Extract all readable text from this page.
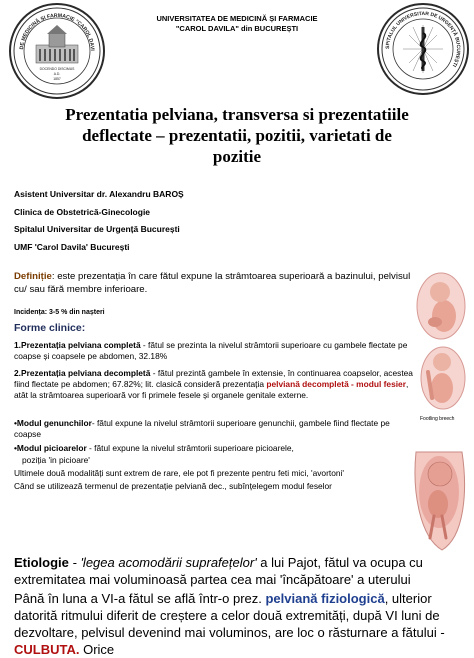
DE MEDICINĂ ȘI FARMACIE "CAROL DAVI
DOCENDO DISCIMUS
A.D.
1857
UNIVERSITATEA DE MEDICINĂ ȘI FARMACIE
"CAROL DAVILA" din BUCUREȘTI
SPITALUL UNIVERSITAR DE URGENȚĂ BUCUREȘTI
Prezentatia pelviana, transversa si prezentatiile deflectate – prezentatii, pozitii, varietati de pozitie
Asistent Universitar dr. Alexandru BAROȘ
Clinica de Obstetrică-Ginecologie
Spitalul Universitar de Urgență București
UMF 'Carol Davila' București
Definiție: este prezentația în care fătul expune la strâmtoarea superioară a bazinului, pelvisul cu/ sau fără membre inferioare.
Incidența: 3-5 % din nașteri
Forme clinice:
1.Prezentația pelviana completă - fătul se prezinta la nivelul strâmtorii superioare cu gambele flectate pe coapse și coapsele pe abdomen, 32.18%
2.Prezentația pelviana decompletă - fătul prezintă gambele în extensie, în continuarea coapselor, acestea fiind flectate pe abdomen; 67.82%; lit. clasică consideră prezentația pelviană decompletă - modul fesier, atât la strâmtoarea superioară vor fi primele fesele și organele genitale externe.
•Modul genunchilor- fătul expune la nivelul strâmtorii superioare genunchii, gambele fiind flectate pe coapse
•Modul picioarelor - fătul expune la nivelul strâmtorii superioare picioarele,
poziția 'in picioare'
Ultimele două modalități sunt extrem de rare, ele pot fi prezente pentru feti mici, 'avortoni'
Când se utilizează termenul de prezentație pelviană dec., subînțelegem modul feselor
Footling breech
Etiologie - 'legea acomodării suprafețelor' a lui Pajot, fătul va ocupa cu extremitatea mai voluminoasă partea cea mai 'încăpătoare' a uterului
Până în luna a VI-a fătul se află într-o prez. pelviană fiziologică, ulterior datorită ritmului diferit de creștere a celor două extremități, după VI luni de dezvoltare, pelvisul devenind mai voluminos, are loc o răsturnare a fătului - CULBUTA. Orice
